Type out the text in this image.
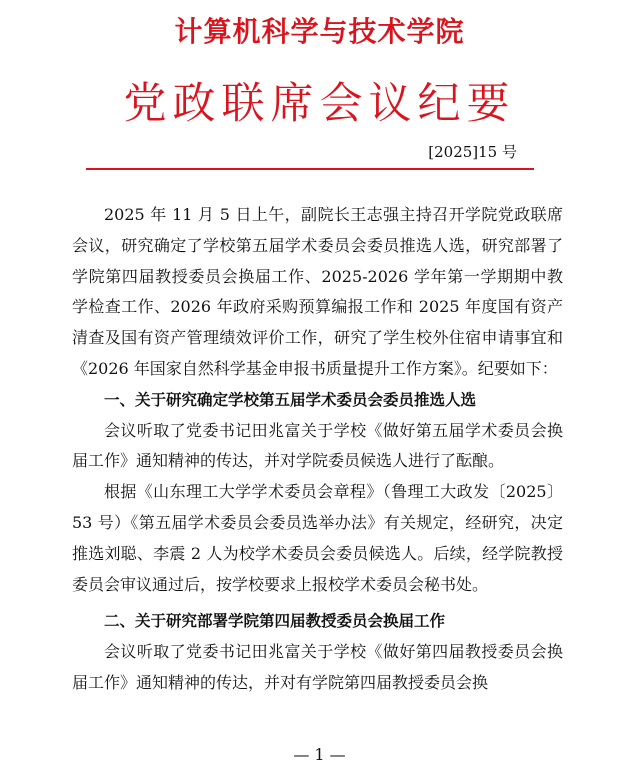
计算机科学与技术学院
党政联席会议纪要
[2025]15 号

2025 年 11 月 5 日上午，副院长王志强主持召开学院党政联席会议，研究确定了学校第五届学术委员会委员推选人选，研究部署了学院第四届教授委员会换届工作、2025-2026 学年第一学期期中教学检查工作、2026 年政府采购预算编报工作和 2025 年度国有资产清查及国有资产管理绩效评价工作，研究了学生校外住宿申请事宜和《2026 年国家自然科学基金申报书质量提升工作方案》。纪要如下：

一、关于研究确定学校第五届学术委员会委员推选人选

会议听取了党委书记田兆富关于学校《做好第五届学术委员会换届工作》通知精神的传达，并对学院委员候选人进行了酝酿。

根据《山东理工大学学术委员会章程》（鲁理工大政发〔2025〕53 号）《第五届学术委员会委员选举办法》有关规定，经研究，决定推选刘聪、李震 2 人为校学术委员会委员候选人。后续，经学院教授委员会审议通过后，按学校要求上报校学术委员会秘书处。

二、关于研究部署学院第四届教授委员会换届工作

会议听取了党委书记田兆富关于学校《做好第四届教授委员会换届工作》通知精神的传达，并对有学院第四届教授委员会换

— 1 —
